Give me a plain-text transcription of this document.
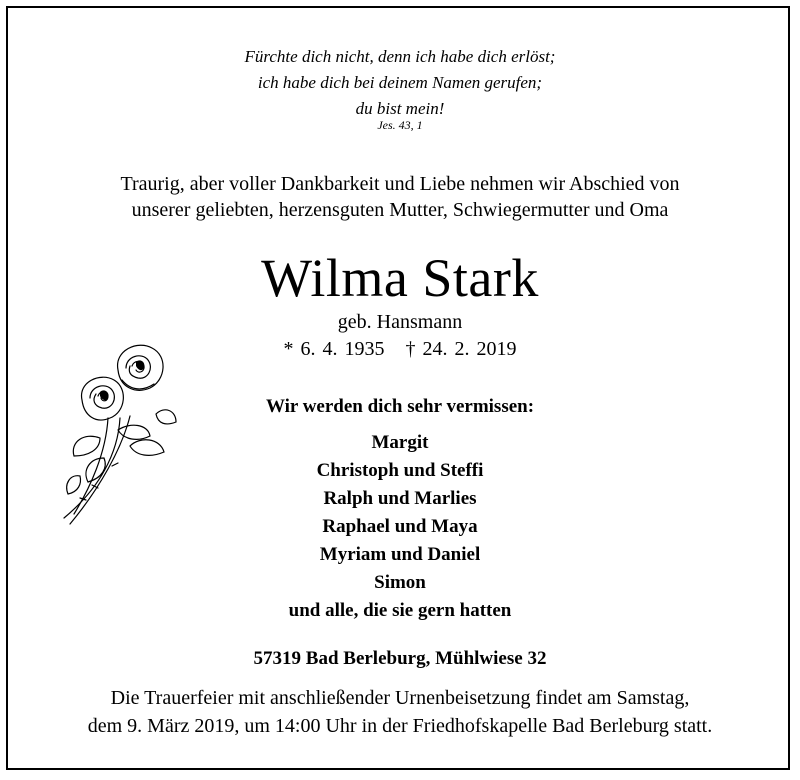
Fürchte dich nicht, denn ich habe dich erlöst;
ich habe dich bei deinem Namen gerufen;
du bist mein!
Jes. 43, 1
Traurig, aber voller Dankbarkeit und Liebe nehmen wir Abschied von
unserer geliebten, herzensguten Mutter, Schwiegermutter und Oma
Wilma Stark
geb. Hansmann
* 6. 4. 1935   † 24. 2. 2019
Wir werden dich sehr vermissen:
Margit
Christoph und Steffi
Ralph und Marlies
Raphael und Maya
Myriam und Daniel
Simon
und alle, die sie gern hatten
57319 Bad Berleburg, Mühlwiese 32
Die Trauerfeier mit anschließender Urnenbeisetzung findet am Samstag,
dem 9. März 2019, um 14:00 Uhr in der Friedhofskapelle Bad Berleburg statt.
